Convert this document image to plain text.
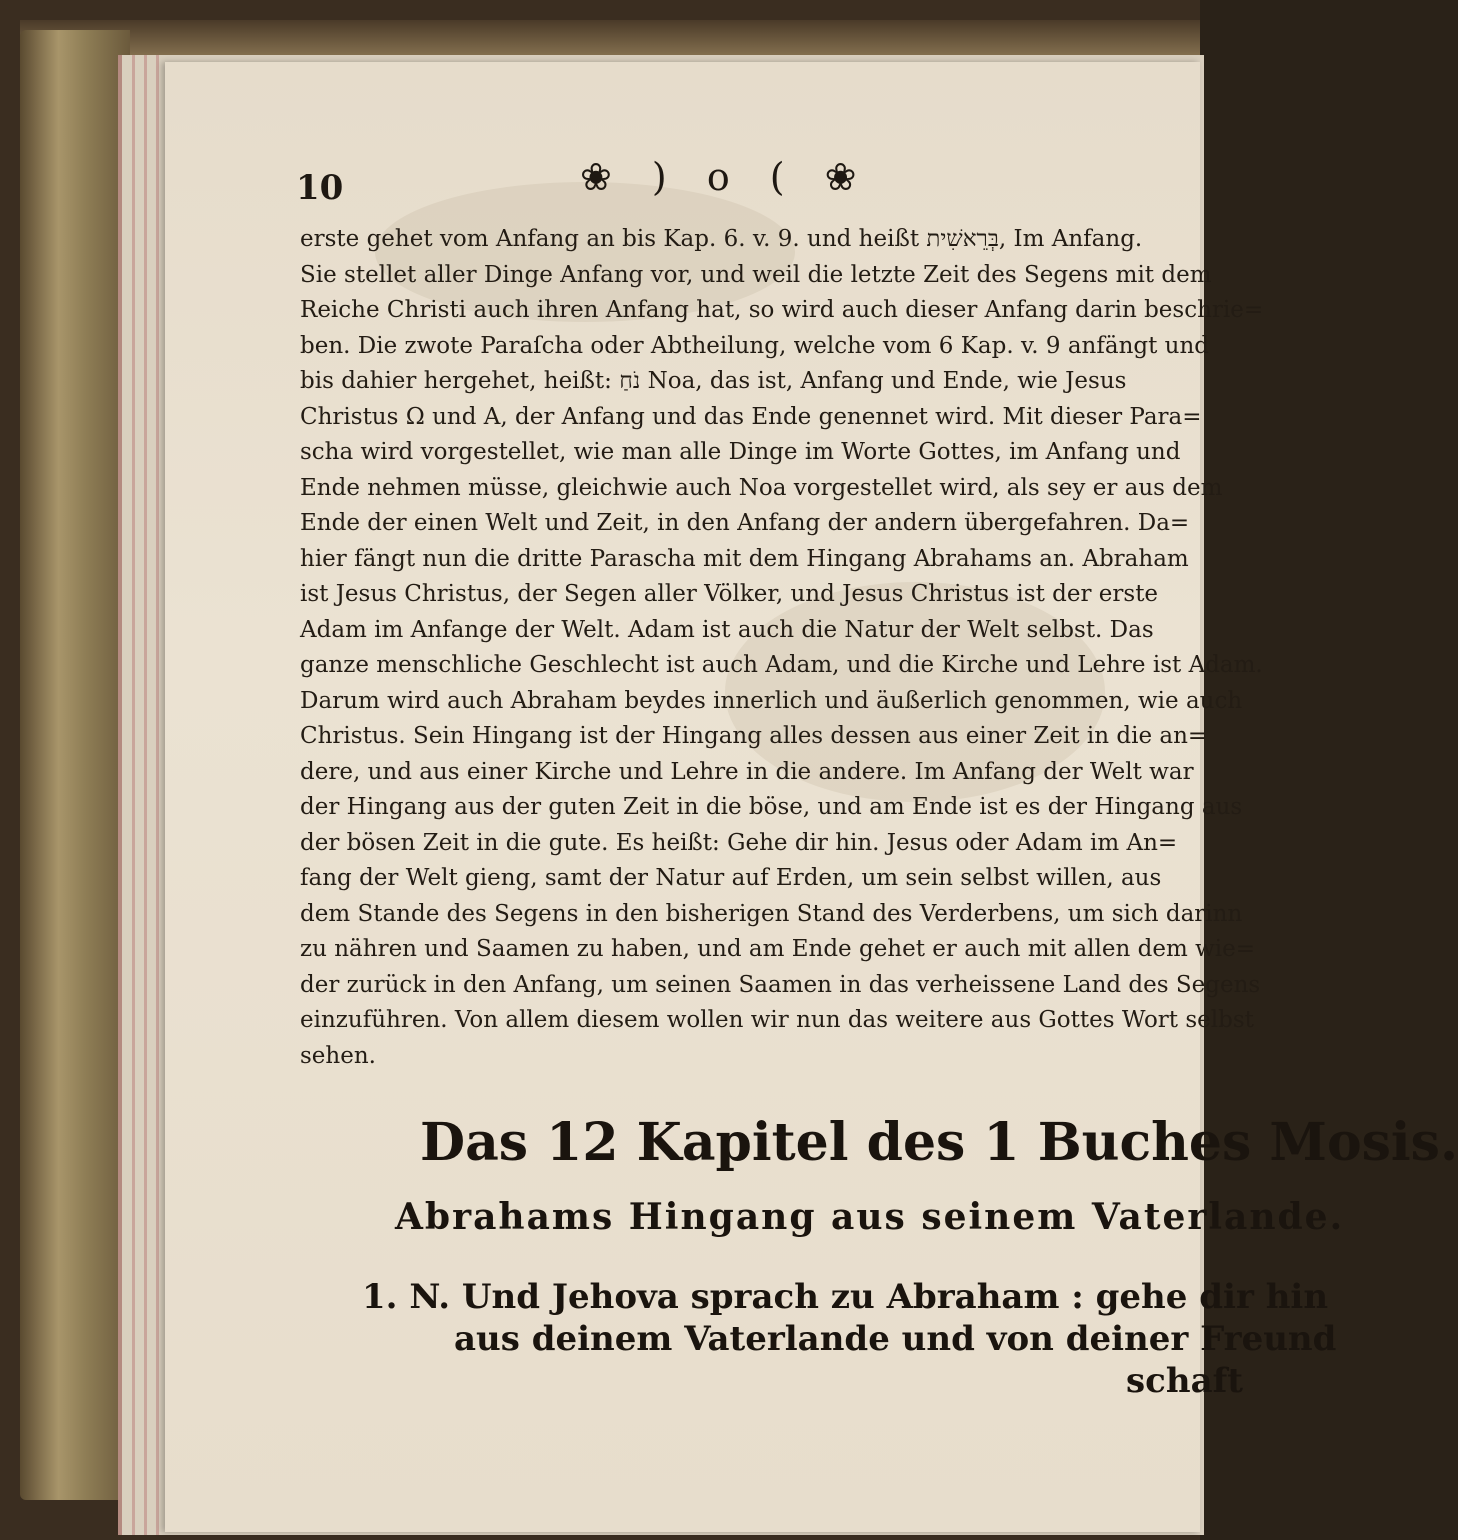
10	❀ ) o ( ❀
erste gehet vom Anfang an bis Kap. 6. v. 9. und heißt בְּרֵאשִׁית, Im Anfang.
Sie stellet aller Dinge Anfang vor, und weil die letzte Zeit des Segens mit dem
Reiche Christi auch ihren Anfang hat, so wird auch dieser Anfang darin beschrie=
ben. Die zwote Paraſcha oder Abtheilung, welche vom 6 Kap. v. 9 anfängt und
bis dahier hergehet, heißt: נֹחַ Noa, das ist, Anfang und Ende, wie Jesus
Christus Ω und A, der Anfang und das Ende genennet wird. Mit dieser Para=
scha wird vorgestellet, wie man alle Dinge im Worte Gottes, im Anfang und
Ende nehmen müsse, gleichwie auch Noa vorgestellet wird, als sey er aus dem
Ende der einen Welt und Zeit, in den Anfang der andern übergefahren. Da=
hier fängt nun die dritte Parascha mit dem Hingang Abrahams an. Abraham
ist Jesus Christus, der Segen aller Völker, und Jesus Christus ist der erste
Adam im Anfange der Welt. Adam ist auch die Natur der Welt selbst. Das
ganze menschliche Geschlecht ist auch Adam, und die Kirche und Lehre ist Adam.
Darum wird auch Abraham beydes innerlich und äußerlich genommen, wie auch
Christus. Sein Hingang ist der Hingang alles dessen aus einer Zeit in die an=
dere, und aus einer Kirche und Lehre in die andere. Im Anfang der Welt war
der Hingang aus der guten Zeit in die böse, und am Ende ist es der Hingang aus
der bösen Zeit in die gute. Es heißt: Gehe dir hin. Jesus oder Adam im An=
fang der Welt gieng, samt der Natur auf Erden, um sein selbst willen, aus
dem Stande des Segens in den bisherigen Stand des Verderbens, um sich darinn
zu nähren und Saamen zu haben, und am Ende gehet er auch mit allen dem wie=
der zurück in den Anfang, um seinen Saamen in das verheissene Land des Segens
einzuführen. Von allem diesem wollen wir nun das weitere aus Gottes Wort selbst
sehen.
Das 12 Kapitel des 1 Buches Mosis.
Abrahams Hingang aus seinem Vaterlande.
1. N. Und Jehova sprach zu Abraham : gehe dir hin
aus deinem Vaterlande und von deiner Freund
schaft
